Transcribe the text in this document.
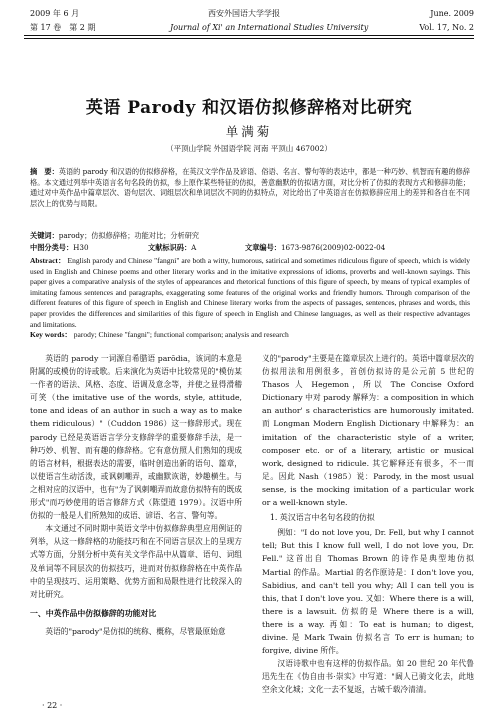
2009 年 6 月	西安外国语大学学报	June. 2009
第 17 卷　第 2 期	Journal of Xi' an International Studies University	Vol. 17, No. 2
英语 Parody 和汉语仿拟修辞格对比研究
单满菊
（平顶山学院 外国语学院 河南 平顶山 467002）
摘　要：英语的 parody 和汉语的仿拟修辞格，在英汉文学作品及谚语、俗语、名言、警句等的表达中，都是一种巧妙、机智而有趣的修辞格。本文通过列举中英语言名句名段的仿拟，参上原作某些特征的仿拟，善意幽默的仿拟诸方面，对比分析了仿拟的表现方式和修辞功能；通过对中英作品中篇章层次、语句层次、词组层次和单词层次不同的仿拟特点，对比给出了中英语言在仿拟修辞应用上的差异和各自在不同层次上的优势与局限。
关键词：parody；仿拟修辞格；功能对比；分析研究
中图分类号：H30	文献标识码：A	文章编号：1673-9876(2009)02-0022-04
Abstract： English parody and Chinese "fangni" are both a witty, humorous, satirical and sometimes ridiculous figure of speech, which is widely used in English and Chinese poems and other literary works and in the imitative expressions of idioms, proverbs and well-known sayings. This paper gives a comparative analysis of the styles of appearances and rhetorical functions of this figure of speech, by means of typical examples of imitating famous sentences and paragraphs, exaggerating some features of the original works and friendly humors. Through comparison of the different features of this figure of speech in English and Chinese literary works from the aspects of passages, sentences, phrases and words, this paper provides the differences and similarities of this figure of speech in English and Chinese languages, as well as their respective advantages and limitations.
Key words： parody; Chinese "fangni"; functional comparison; analysis and research

英语的 parody 一词源自希腊语 parōdia，该词的本意是附属的或模仿的诗或歌。后来演化为英语中比较常见的"模仿某一作者的语法、风格、态度、语调及意念等，并使之显得滑稽可笑（the imitative use of the words, style, attitude, tone and ideas of an author in such a way as to make them ridiculous）"（Cuddon 1986）这一修辞形式。现在 parody 已经是英语语言学分支修辞学的重要修辞手法，是一种巧妙、机智、而有趣的修辞格。它有意仿照人们熟知的现成的语言材料，根据表达的需要，临时创造出新的语句、篇章，以使语言生动活泼，或讽刺嘲弄，或幽默诙谐，妙趣横生。与之相对应的汉语中，也有"为了讽刺嘲弄而故意仿拟特有的既成形式"而巧妙使用的语言修辞方式（陈望道 1979）。汉语中所仿拟的一般是人们所熟知的成语、谚语、名言、警句等。

本文通过不同时期中英语文学中仿拟修辞典型应用例证的列举，从这一修辞格的功能技巧和在不同语言层次上的呈现方式等方面，分别分析中英有关文学作品中从篇章、语句、词组及单词等不同层次的仿拟技巧，进而对仿拟修辞格在中英作品中的呈现技巧、运用策略、优势方面和局限性进行比较深入的对比研究。

一、中英作品中仿拟修辞的功能对比

英语的"parody"是仿拟的统称、概称，尽管最原始意

义的"parody"主要是在篇章层次上进行的。英语中篇章层次的仿拟用法和用例很多，首创仿拟诗的是公元前 5 世纪的 Thasos 人 Hegemon，所以 The Concise Oxford Dictionary 中对 parody 解释为：a composition in which an author' s characteristics are humorously imitated. 而 Longman Modern English Dictionary 中解释为：an imitation of the characteristic style of a writer, composer etc. or of a literary, artistic or musical work, designed to ridicule. 其它解释还有很多，不一而足。因此 Nash（1985）说：Parody, in the most usual sense, is the mocking imitation of a particular work or a well-known style.

1. 英汉语言中名句名段的仿拟

例如："I do not love you, Dr. Fell, but why I cannot tell; But this I know full well, I do not love you, Dr. Fell." 这首出自 Thomas Brown 的诗作是典型地仿拟 Martial 的作品。Martial 的名作原诗是：I don't love you, Sabidius, and can't tell you why; All I can tell you is this, that I don't love you. 又如：Where there is a will, there is a lawsuit. 仿拟的是 Where there is a will, there is a way. 再如：To eat is human; to digest, divine. 是 Mark Twain 仿拟名言 To err is human; to forgive, divine 所作。

汉语诗歌中也有这样的仿拟作品。如 20 世纪 20 年代鲁迅先生在《伪自由书·崇实》中写道："阔人已骑文化去，此地空余文化城；文化一去不复返，古城千载冷清清。

· 22 ·
